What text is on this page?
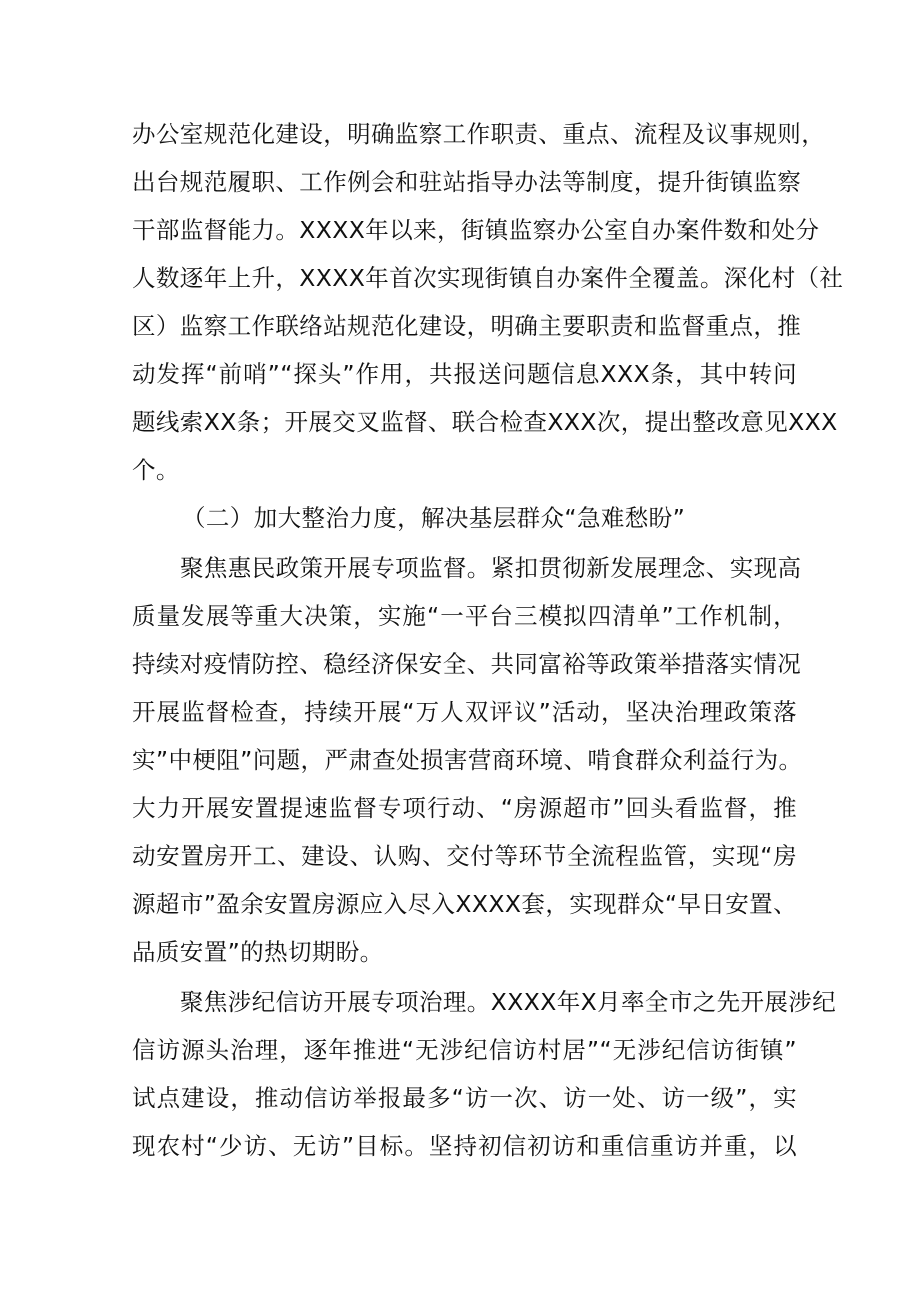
办公室规范化建设，明确监察工作职责、重点、流程及议事规则，
出台规范履职、工作例会和驻站指导办法等制度，提升街镇监察
干部监督能力。XXXX年以来，街镇监察办公室自办案件数和处分
人数逐年上升，XXXX年首次实现街镇自办案件全覆盖。深化村（社
区）监察工作联络站规范化建设，明确主要职责和监督重点，推
动发挥“前哨”“探头”作用，共报送问题信息XXX条，其中转问
题线索XX条；开展交叉监督、联合检查XXX次，提出整改意见XXX
个。
（二）加大整治力度，解决基层群众“急难愁盼”
聚焦惠民政策开展专项监督。紧扣贯彻新发展理念、实现高
质量发展等重大决策，实施“一平台三模拟四清单”工作机制，
持续对疫情防控、稳经济保安全、共同富裕等政策举措落实情况
开展监督检查，持续开展“万人双评议”活动，坚决治理政策落
实”中梗阻”问题，严肃查处损害营商环境、啃食群众利益行为。
大力开展安置提速监督专项行动、“房源超市”回头看监督，推
动安置房开工、建设、认购、交付等环节全流程监管，实现“房
源超市”盈余安置房源应入尽入XXXX套，实现群众“早日安置、
品质安置”的热切期盼。
聚焦涉纪信访开展专项治理。XXXX年X月率全市之先开展涉纪
信访源头治理，逐年推进“无涉纪信访村居”“无涉纪信访街镇”
试点建设，推动信访举报最多“访一次、访一处、访一级”，实
现农村“少访、无访”目标。坚持初信初访和重信重访并重，以
